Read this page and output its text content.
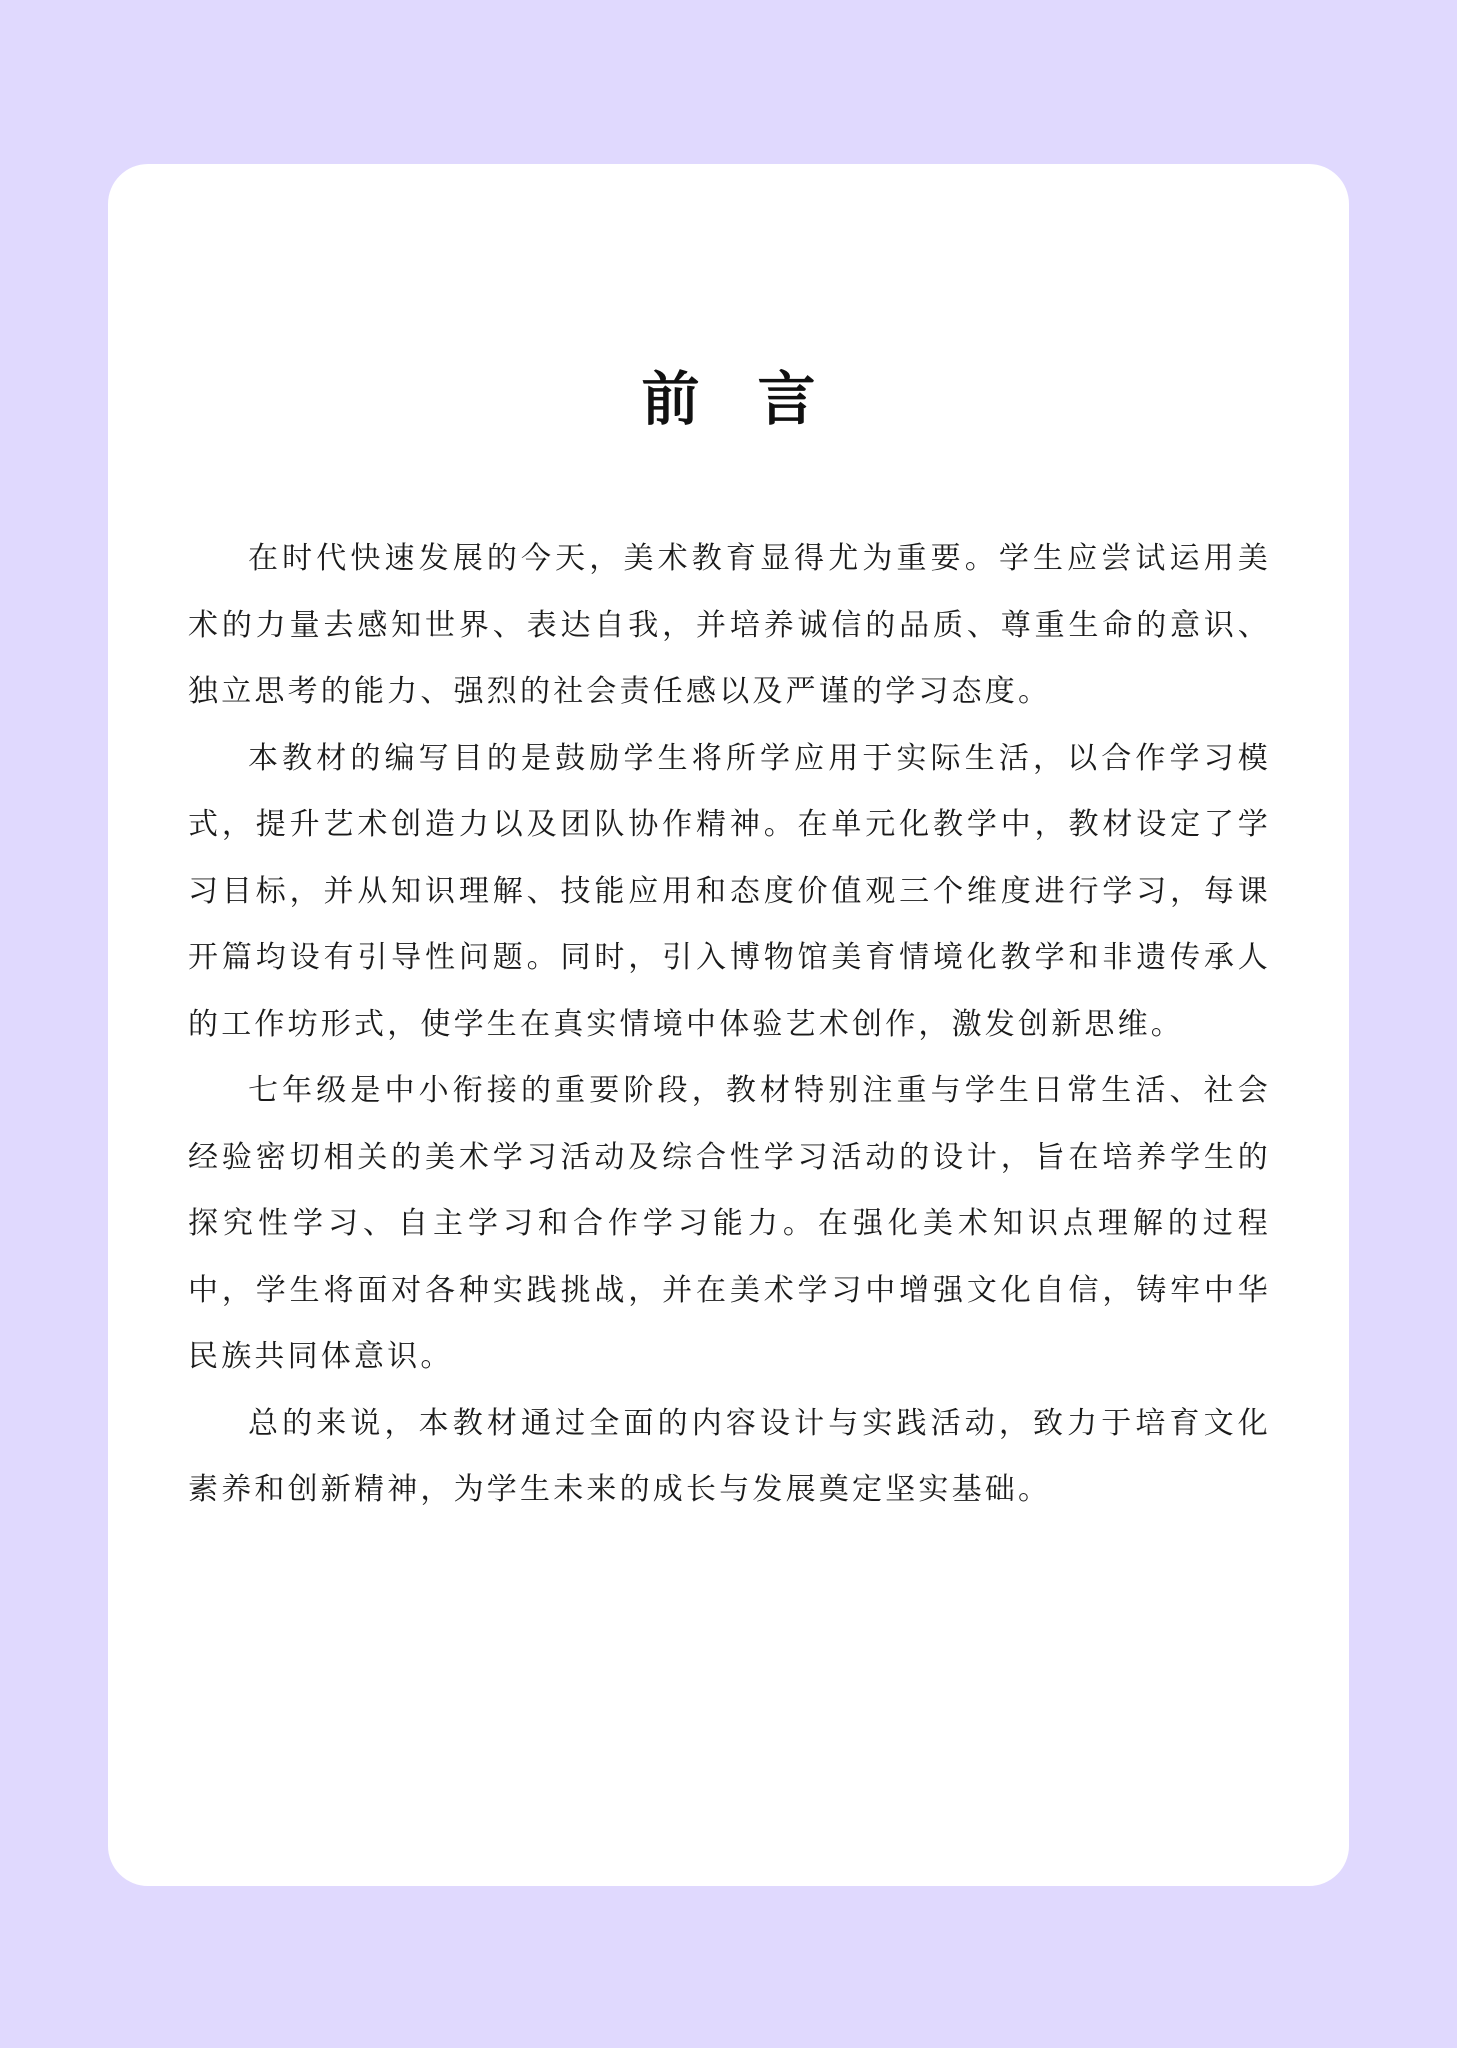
前言

在时代快速发展的今天，美术教育显得尤为重要。学生应尝试运用美术的力量去感知世界、表达自我，并培养诚信的品质、尊重生命的意识、独立思考的能力、强烈的社会责任感以及严谨的学习态度。

本教材的编写目的是鼓励学生将所学应用于实际生活，以合作学习模式，提升艺术创造力以及团队协作精神。在单元化教学中，教材设定了学习目标，并从知识理解、技能应用和态度价值观三个维度进行学习，每课开篇均设有引导性问题。同时，引入博物馆美育情境化教学和非遗传承人的工作坊形式，使学生在真实情境中体验艺术创作，激发创新思维。

七年级是中小衔接的重要阶段，教材特别注重与学生日常生活、社会经验密切相关的美术学习活动及综合性学习活动的设计，旨在培养学生的探究性学习、自主学习和合作学习能力。在强化美术知识点理解的过程中，学生将面对各种实践挑战，并在美术学习中增强文化自信，铸牢中华民族共同体意识。

总的来说，本教材通过全面的内容设计与实践活动，致力于培育文化素养和创新精神，为学生未来的成长与发展奠定坚实基础。
